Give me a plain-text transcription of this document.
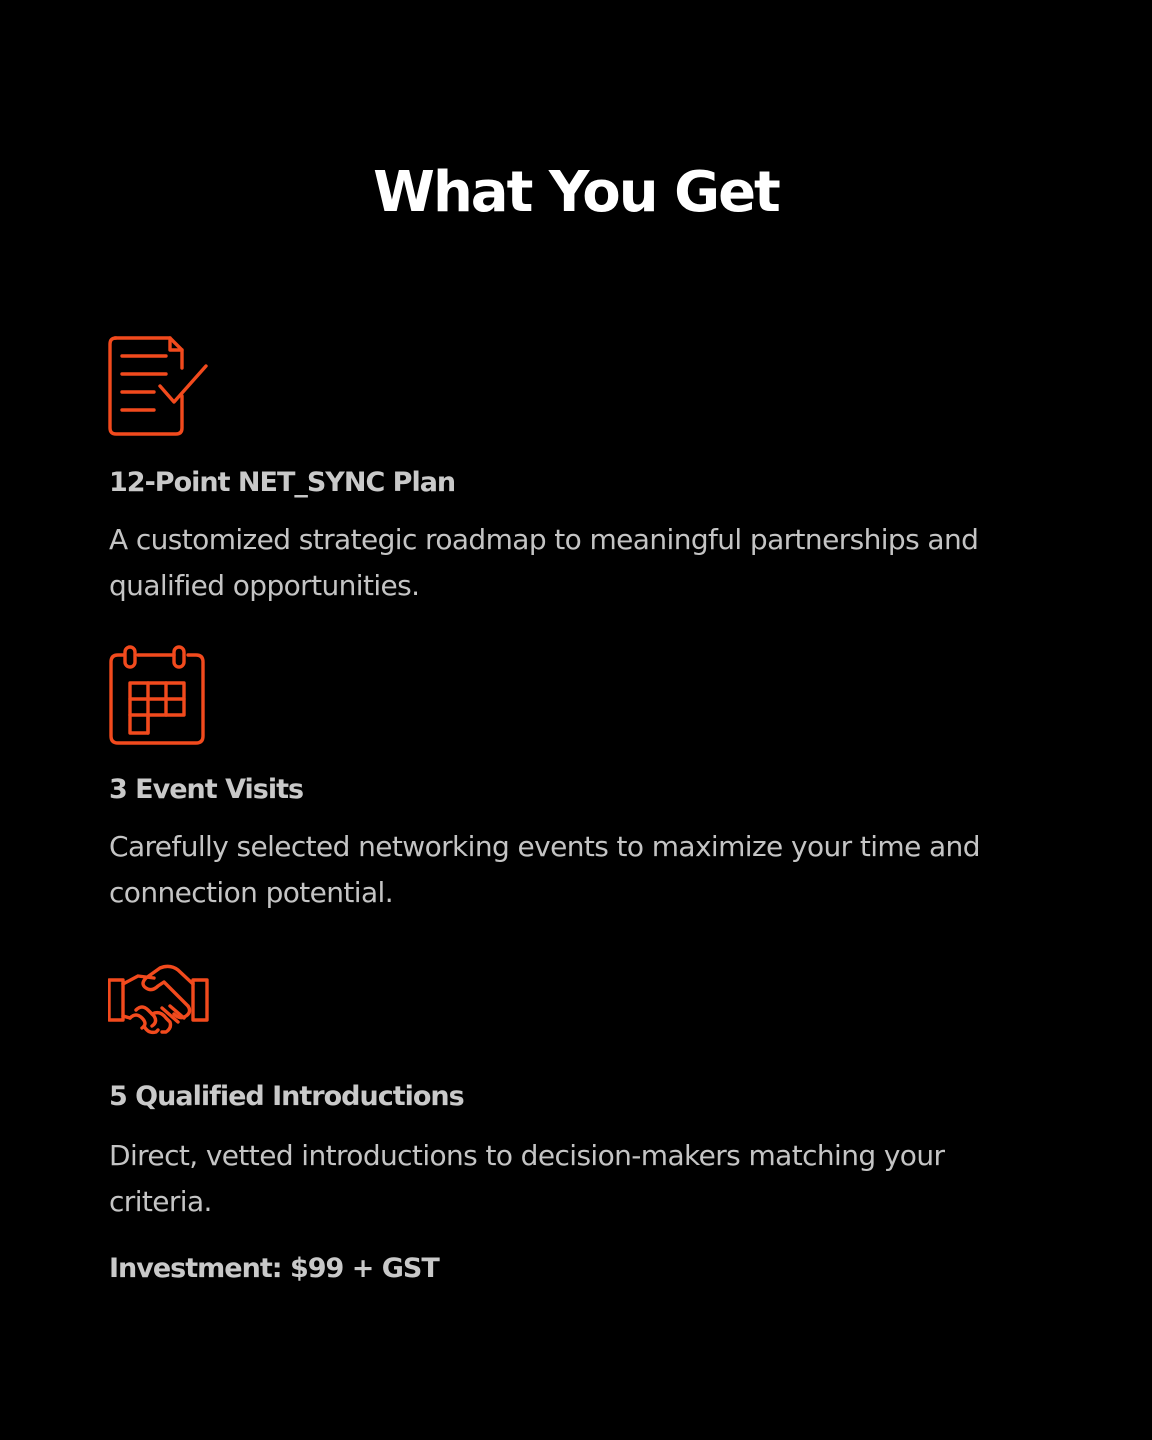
What You Get
12-Point NET_SYNC Plan
A customized strategic roadmap to meaningful partnerships and qualified opportunities.
3 Event Visits
Carefully selected networking events to maximize your time and connection potential.
5 Qualified Introductions
Direct, vetted introductions to decision-makers matching your criteria.
Investment: $99 + GST
